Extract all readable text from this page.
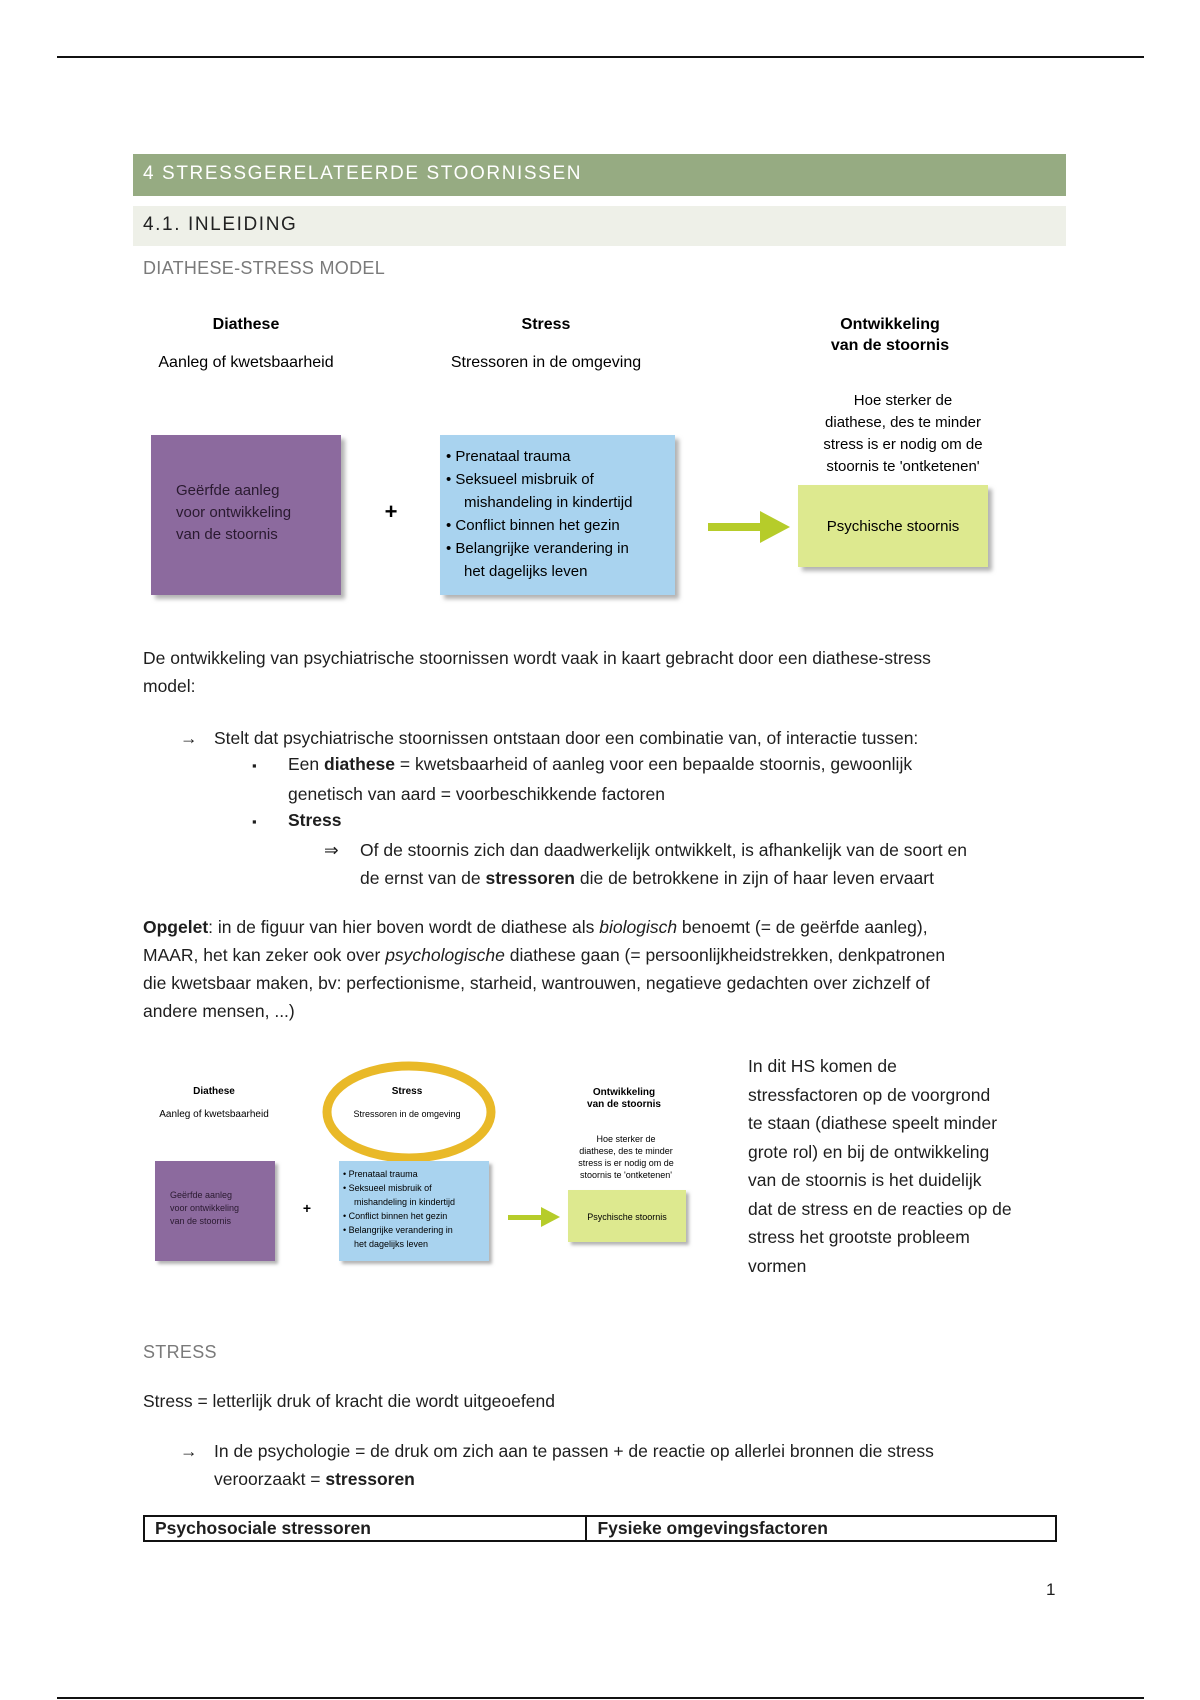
4 STRESSGERELATEERDE STOORNISSEN
4.1. INLEIDING
DIATHESE-STRESS MODEL
Diathese
Aanleg of kwetsbaarheid
Stress
Stressoren in de omgeving
Ontwikkeling
van de stoornis
Hoe sterker de
diathese, des te minder
stress is er nodig om de
stoornis te 'ontketenen'
Geërfde aanleg
voor ontwikkeling
van de stoornis
+
• Prenataal trauma
• Seksueel misbruik of
mishandeling in kindertijd
• Conflict binnen het gezin
• Belangrijke verandering in
het dagelijks leven
Psychische stoornis

De ontwikkeling van psychiatrische stoornissen wordt vaak in kaart gebracht door een diathese-stress
model:

→ Stelt dat psychiatrische stoornissen ontstaan door een combinatie van, of interactie tussen:
▪ Een diathese = kwetsbaarheid of aanleg voor een bepaalde stoornis, gewoonlijk
genetisch van aard = voorbeschikkende factoren
▪ Stress
⇒ Of de stoornis zich dan daadwerkelijk ontwikkelt, is afhankelijk van de soort en
de ernst van de stressoren die de betrokkene in zijn of haar leven ervaart

Opgelet: in de figuur van hier boven wordt de diathese als biologisch benoemt (= de geërfde aanleg),
MAAR, het kan zeker ook over psychologische diathese gaan (= persoonlijkheidstrekken, denkpatronen
die kwetsbaar maken, bv: perfectionisme, starheid, wantrouwen, negatieve gedachten over zichzelf of
andere mensen, ...)

Diathese
Aanleg of kwetsbaarheid
Stress
Stressoren in de omgeving
Ontwikkeling
van de stoornis
Hoe sterker de
diathese, des te minder
stress is er nodig om de
stoornis te 'ontketenen'
Geërfde aanleg
voor ontwikkeling
van de stoornis
+
• Prenataal trauma
• Seksueel misbruik of
mishandeling in kindertijd
• Conflict binnen het gezin
• Belangrijke verandering in
het dagelijks leven
Psychische stoornis
In dit HS komen de
stressfactoren op de voorgrond
te staan (diathese speelt minder
grote rol) en bij de ontwikkeling
van de stoornis is het duidelijk
dat de stress en de reacties op de
stress het grootste probleem
vormen
STRESS
Stress = letterlijk druk of kracht die wordt uitgeoefend
→ In de psychologie = de druk om zich aan te passen + de reactie op allerlei bronnen die stress
veroorzaakt = stressoren
Psychosociale stressoren	Fysieke omgevingsfactoren
1
